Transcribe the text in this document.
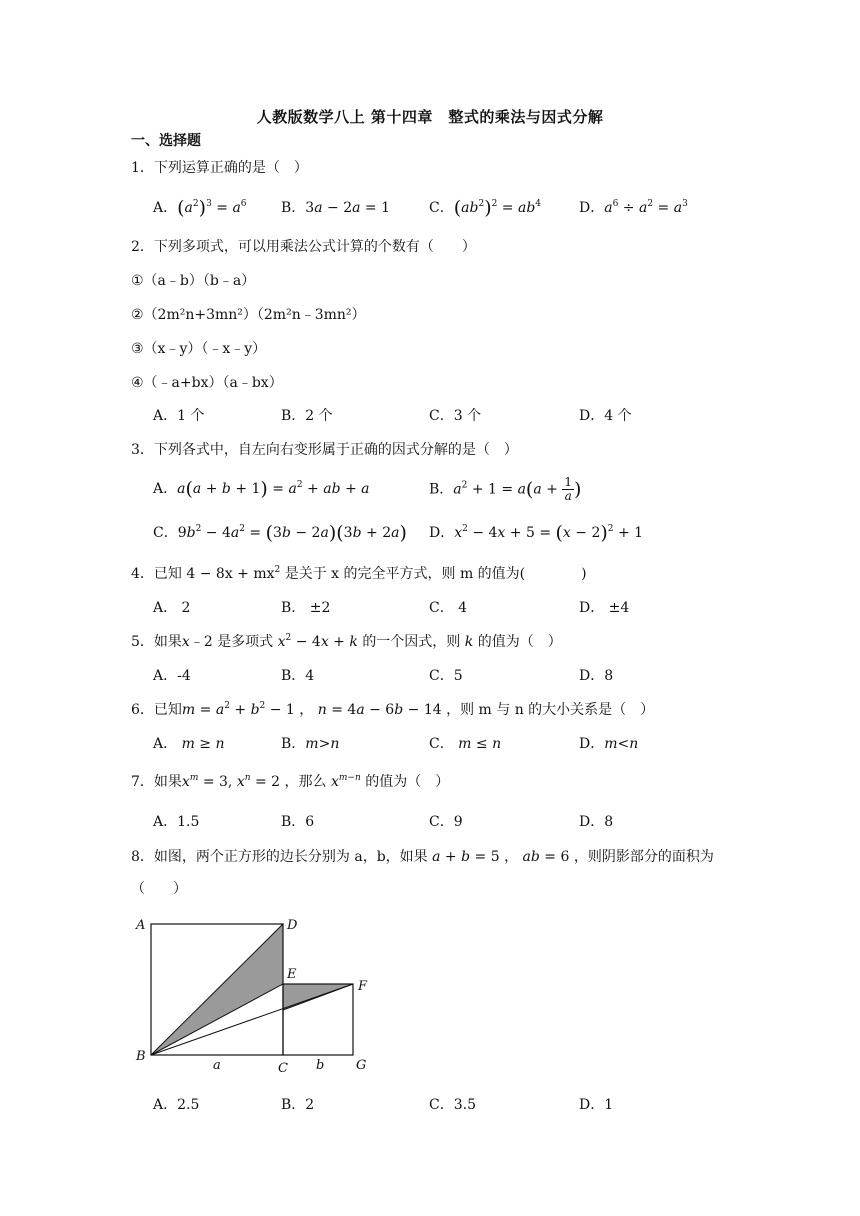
人教版数学八上 第十四章　整式的乘法与因式分解
一、选择题
1．下列运算正确的是（　）
A．$(a^2)^3 = a^6$ B．3a − 2a = 1	C．$(ab^2)^2 = ab^4$	D．$a^6 \div a^2 = a^3$
2．下列多项式，可以用乘法公式计算的个数有（　　）
①（a﹣b）（b﹣a）
②（2m²n+3mn²）（2m²n﹣3mn²）
③（x﹣y）（﹣x﹣y）
④（﹣a+bx）（a﹣bx）
A．1 个	B．2 个	C．3 个	D．4 个
3．下列各式中，自左向右变形属于正确的因式分解的是（　）
A．$a(a + b + 1) = a^2$ + ab + a	B．$a^2 + 1 = a(a + \frac{1}{a}$ )
C．$9b^2 - 4a^2 = (3b - 2a)(3b + 2a)$ D．$x^2 - 4x + 5 = (x - 2)^2 + 1$
4．已知 $4 - 8x + mx^2$ 是关于 x 的完全平方式，则 m 的值为(　　　　)
A． 2	B． ±2	C． 4	D． ±4
5．如果x﹣2 是多项式 $x^2 - 4x + k$ 的一个因式，则 k 的值为（　）
A．-4	B．4	C．5	D．8
6．已知$m = a^2 + b^2 - 1$ ， n = 4a − 6b − 14 ，则 m 与 n 的大小关系是（　）
A． m ≥ n	B．m>n	C． m ≤ n	D．m<n
7．如果$x^m = 3$, $x^n = 2$ ，那么 $x^{m-n}$ 的值为（　）
A．1.5	B．6	C．9	D．8
8．如图，两个正方形的边长分别为 a，b，如果 a + b = 5 ， ab = 6 ，则阴影部分的面积为
（　　）
A	D
E
F
B
a	C b G
A．2.5	B．2	C．3.5	D．1
